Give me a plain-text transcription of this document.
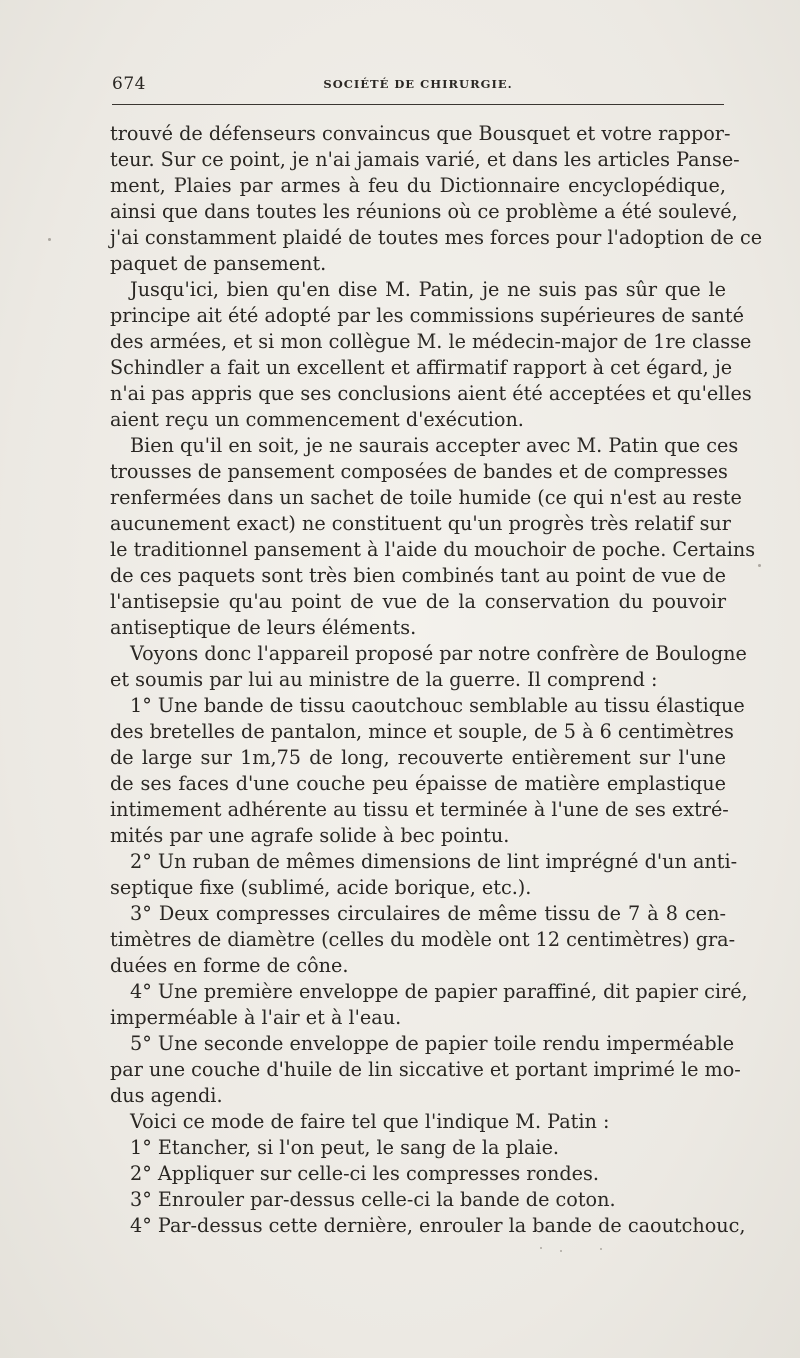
674	SOCIÉTÉ DE CHIRURGIE.
trouvé de défenseurs convaincus que Bousquet et votre rappor-
teur. Sur ce point, je n'ai jamais varié, et dans les articles Panse-
ment, Plaies par armes à feu du Dictionnaire encyclopédique,
ainsi que dans toutes les réunions où ce problème a été soulevé,
j'ai constamment plaidé de toutes mes forces pour l'adoption de ce
paquet de pansement.
Jusqu'ici, bien qu'en dise M. Patin, je ne suis pas sûr que le
principe ait été adopté par les commissions supérieures de santé
des armées, et si mon collègue M. le médecin-major de 1re classe
Schindler a fait un excellent et affirmatif rapport à cet égard, je
n'ai pas appris que ses conclusions aient été acceptées et qu'elles
aient reçu un commencement d'exécution.
Bien qu'il en soit, je ne saurais accepter avec M. Patin que ces
trousses de pansement composées de bandes et de compresses
renfermées dans un sachet de toile humide (ce qui n'est au reste
aucunement exact) ne constituent qu'un progrès très relatif sur
le traditionnel pansement à l'aide du mouchoir de poche. Certains
de ces paquets sont très bien combinés tant au point de vue de
l'antisepsie qu'au point de vue de la conservation du pouvoir
antiseptique de leurs éléments.
Voyons donc l'appareil proposé par notre confrère de Boulogne
et soumis par lui au ministre de la guerre. Il comprend :
1° Une bande de tissu caoutchouc semblable au tissu élastique
des bretelles de pantalon, mince et souple, de 5 à 6 centimètres
de large sur 1m,75 de long, recouverte entièrement sur l'une
de ses faces d'une couche peu épaisse de matière emplastique
intimement adhérente au tissu et terminée à l'une de ses extré-
mités par une agrafe solide à bec pointu.
2° Un ruban de mêmes dimensions de lint imprégné d'un anti-
septique fixe (sublimé, acide borique, etc.).
3° Deux compresses circulaires de même tissu de 7 à 8 cen-
timètres de diamètre (celles du modèle ont 12 centimètres) gra-
duées en forme de cône.
4° Une première enveloppe de papier paraffiné, dit papier ciré,
imperméable à l'air et à l'eau.
5° Une seconde enveloppe de papier toile rendu imperméable
par une couche d'huile de lin siccative et portant imprimé le mo-
dus agendi.
Voici ce mode de faire tel que l'indique M. Patin :
1° Etancher, si l'on peut, le sang de la plaie.
2° Appliquer sur celle-ci les compresses rondes.
3° Enrouler par-dessus celle-ci la bande de coton.
4° Par-dessus cette dernière, enrouler la bande de caoutchouc,
